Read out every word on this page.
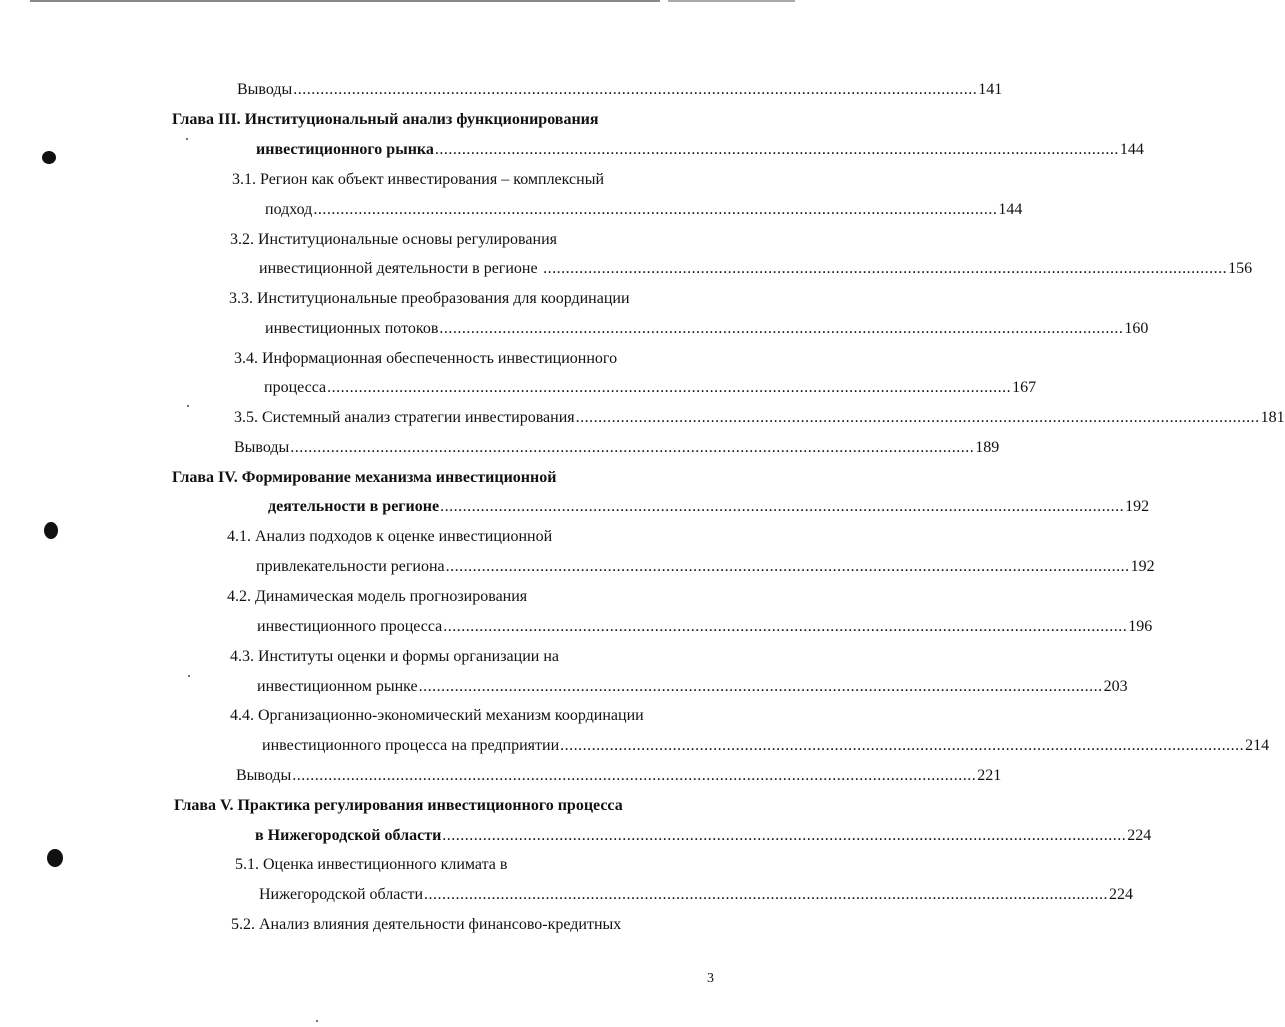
Выводы ........................................................................................................................................................ 141
Глава III. Институциональный анализ функционирования
инвестиционного рынка ........................................................................................................................................................ 144
3.1. Регион как объект инвестирования – комплексный
подход ........................................................................................................................................................ 144
3.2. Институциональные основы регулирования
инвестиционной деятельности в регионе ........................................................................................................................................................ 156
3.3. Институциональные преобразования для координации
инвестиционных потоков ........................................................................................................................................................ 160
3.4. Информационная обеспеченность инвестиционного
процесса ........................................................................................................................................................ 167
3.5. Системный анализ стратегии инвестирования ........................................................................................................................................................ 181
Выводы ........................................................................................................................................................ 189
Глава IV. Формирование механизма инвестиционной
деятельности в регионе ........................................................................................................................................................ 192
4.1. Анализ подходов к оценке инвестиционной
привлекательности региона ........................................................................................................................................................ 192
4.2. Динамическая модель прогнозирования
инвестиционного процесса ........................................................................................................................................................ 196
4.3. Институты оценки и формы организации на
инвестиционном рынке ........................................................................................................................................................ 203
4.4. Организационно-экономический механизм координации
инвестиционного процесса на предприятии ........................................................................................................................................................ 214
Выводы ........................................................................................................................................................ 221
Глава V. Практика регулирования инвестиционного процесса
в Нижегородской области ........................................................................................................................................................ 224
5.1. Оценка инвестиционного климата в
Нижегородской области ........................................................................................................................................................ 224
5.2. Анализ влияния деятельности финансово-кредитных
3
